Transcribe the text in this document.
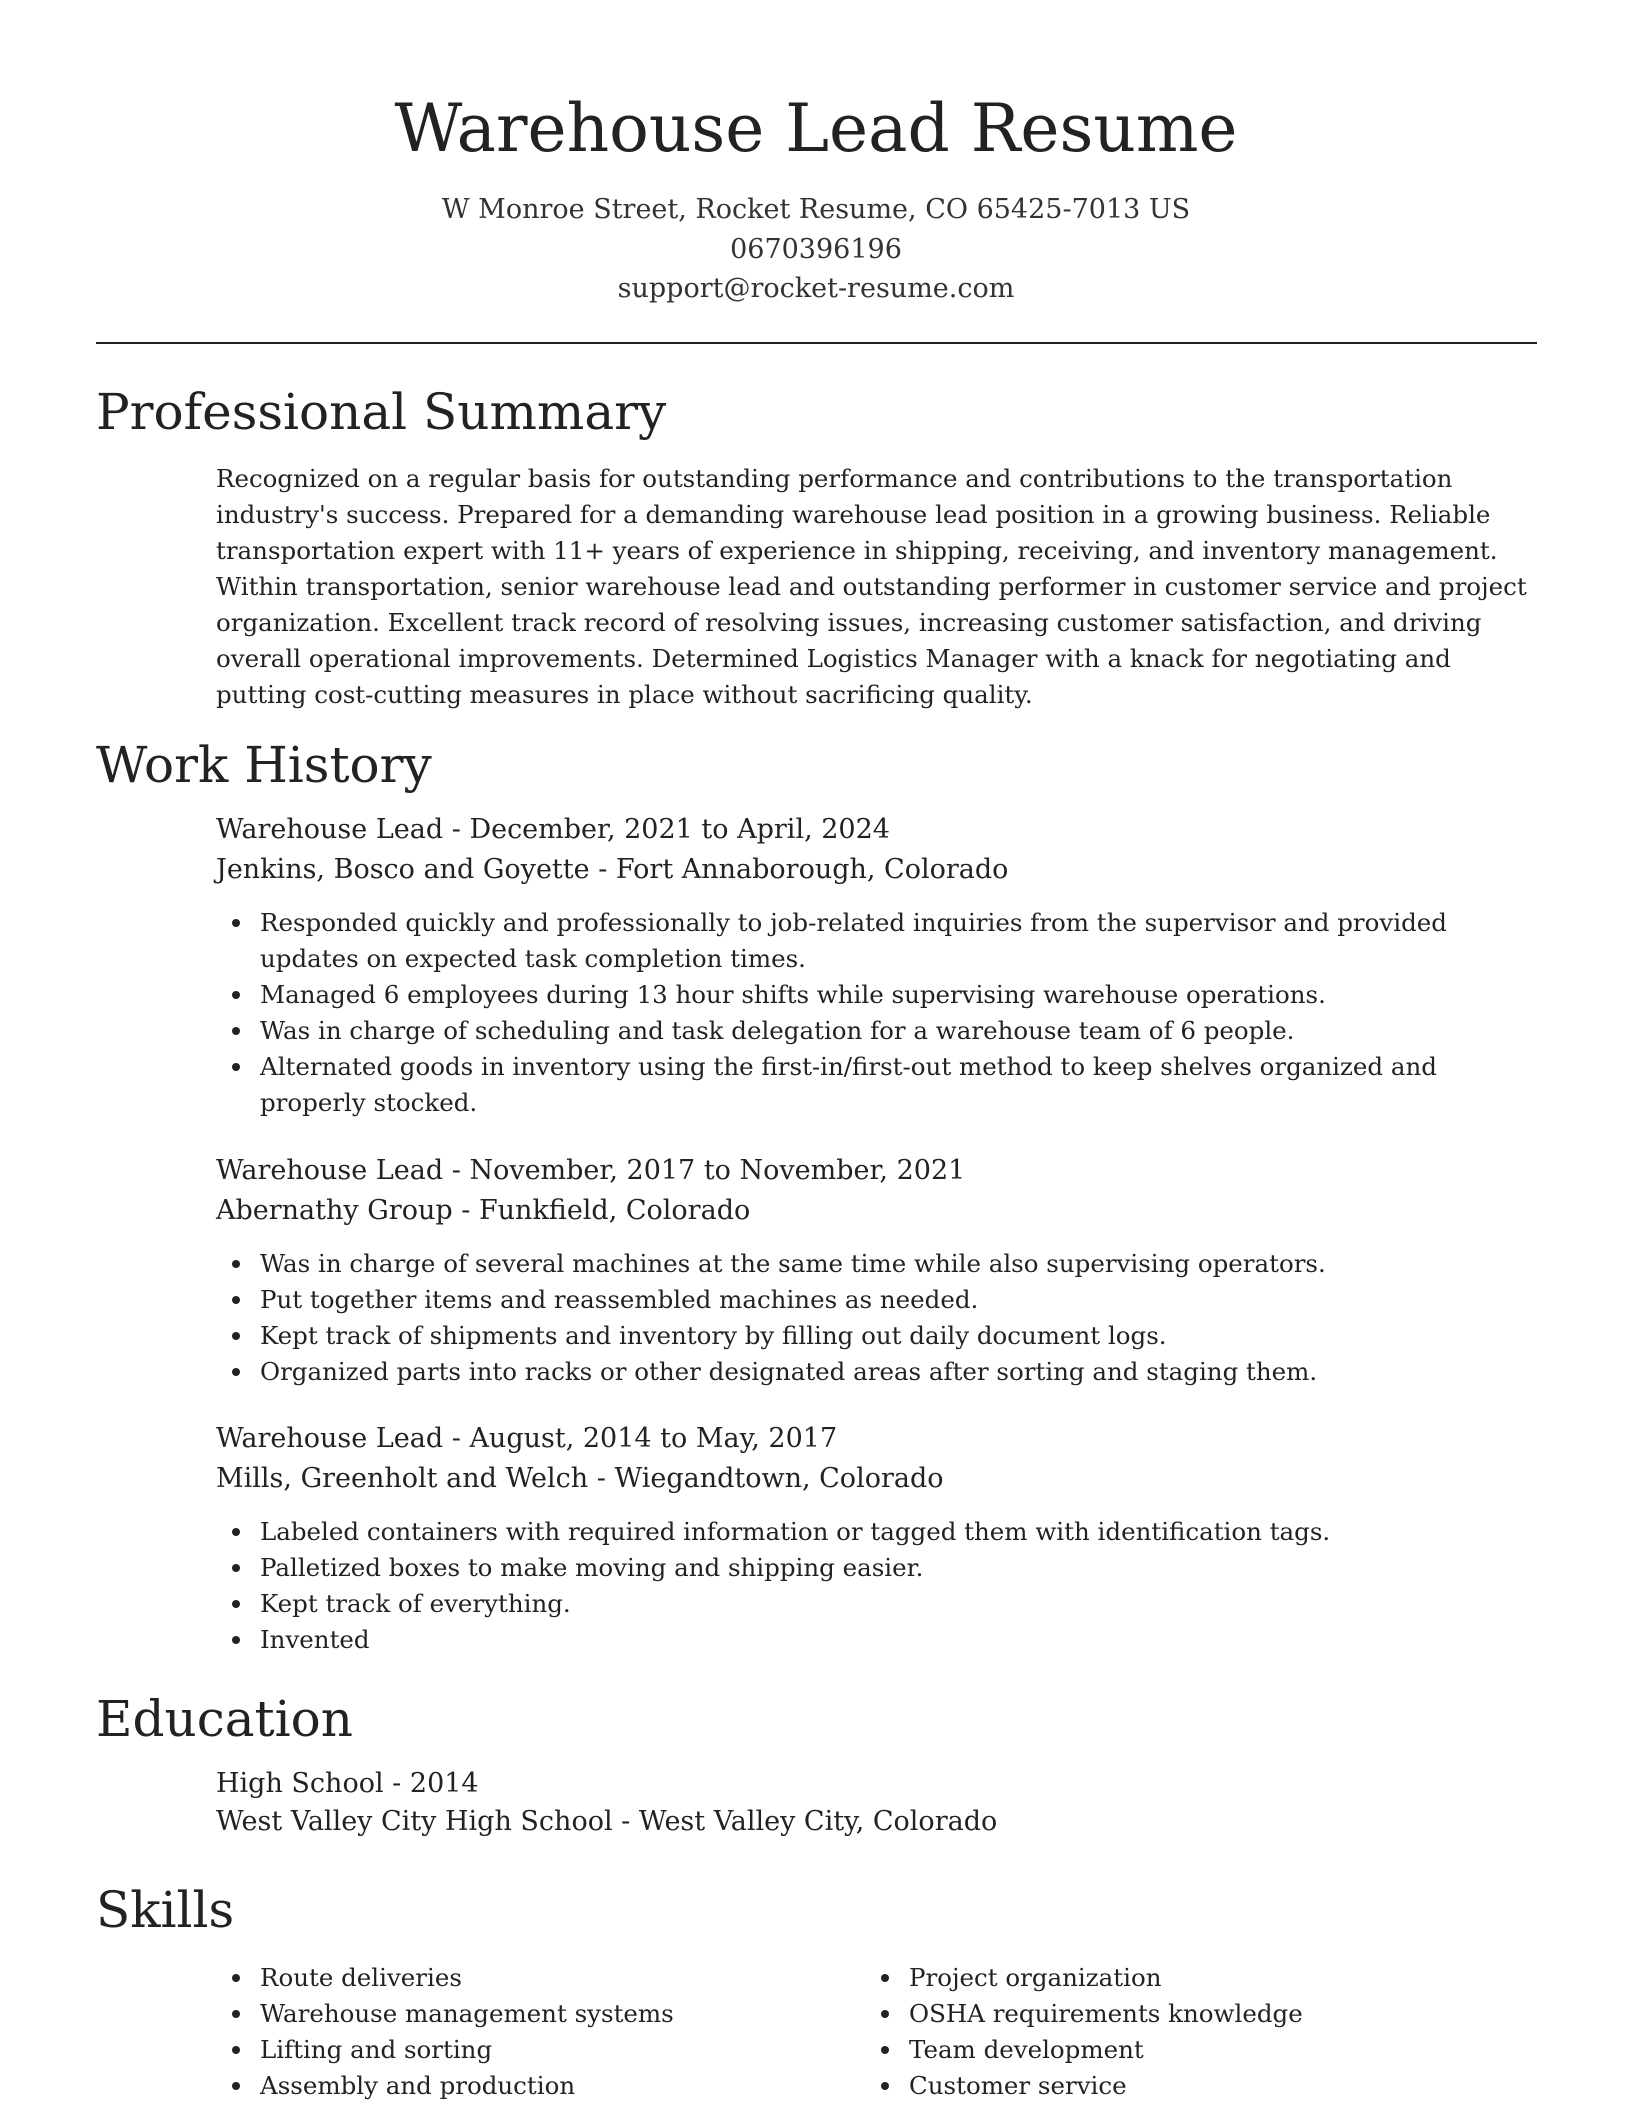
Warehouse Lead Resume
W Monroe Street, Rocket Resume, CO 65425-7013 US
0670396196
support@rocket-resume.com
Professional Summary

Recognized on a regular basis for outstanding performance and contributions to the transportation industry's success. Prepared for a demanding warehouse lead position in a growing business. Reliable transportation expert with 11+ years of experience in shipping, receiving, and inventory management. Within transportation, senior warehouse lead and outstanding performer in customer service and project organization. Excellent track record of resolving issues, increasing customer satisfaction, and driving overall operational improvements. Determined Logistics Manager with a knack for negotiating and putting cost-cutting measures in place without sacrificing quality.

Work History
Warehouse Lead - December, 2021 to April, 2024
Jenkins, Bosco and Goyette - Fort Annaborough, Colorado
Responded quickly and professionally to job-related inquiries from the supervisor and provided updates on expected task completion times.
Managed 6 employees during 13 hour shifts while supervising warehouse operations.
Was in charge of scheduling and task delegation for a warehouse team of 6 people.
Alternated goods in inventory using the first-in/first-out method to keep shelves organized and properly stocked.
Warehouse Lead - November, 2017 to November, 2021
Abernathy Group - Funkfield, Colorado
Was in charge of several machines at the same time while also supervising operators.
Put together items and reassembled machines as needed.
Kept track of shipments and inventory by filling out daily document logs.
Organized parts into racks or other designated areas after sorting and staging them.
Warehouse Lead - August, 2014 to May, 2017
Mills, Greenholt and Welch - Wiegandtown, Colorado
Labeled containers with required information or tagged them with identification tags.
Palletized boxes to make moving and shipping easier.
Kept track of everything.
Invented
Education
High School - 2014
West Valley City High School - West Valley City, Colorado
Skills
Route deliveries
Warehouse management systems
Lifting and sorting
Assembly and production
Project organization
OSHA requirements knowledge
Team development
Customer service
